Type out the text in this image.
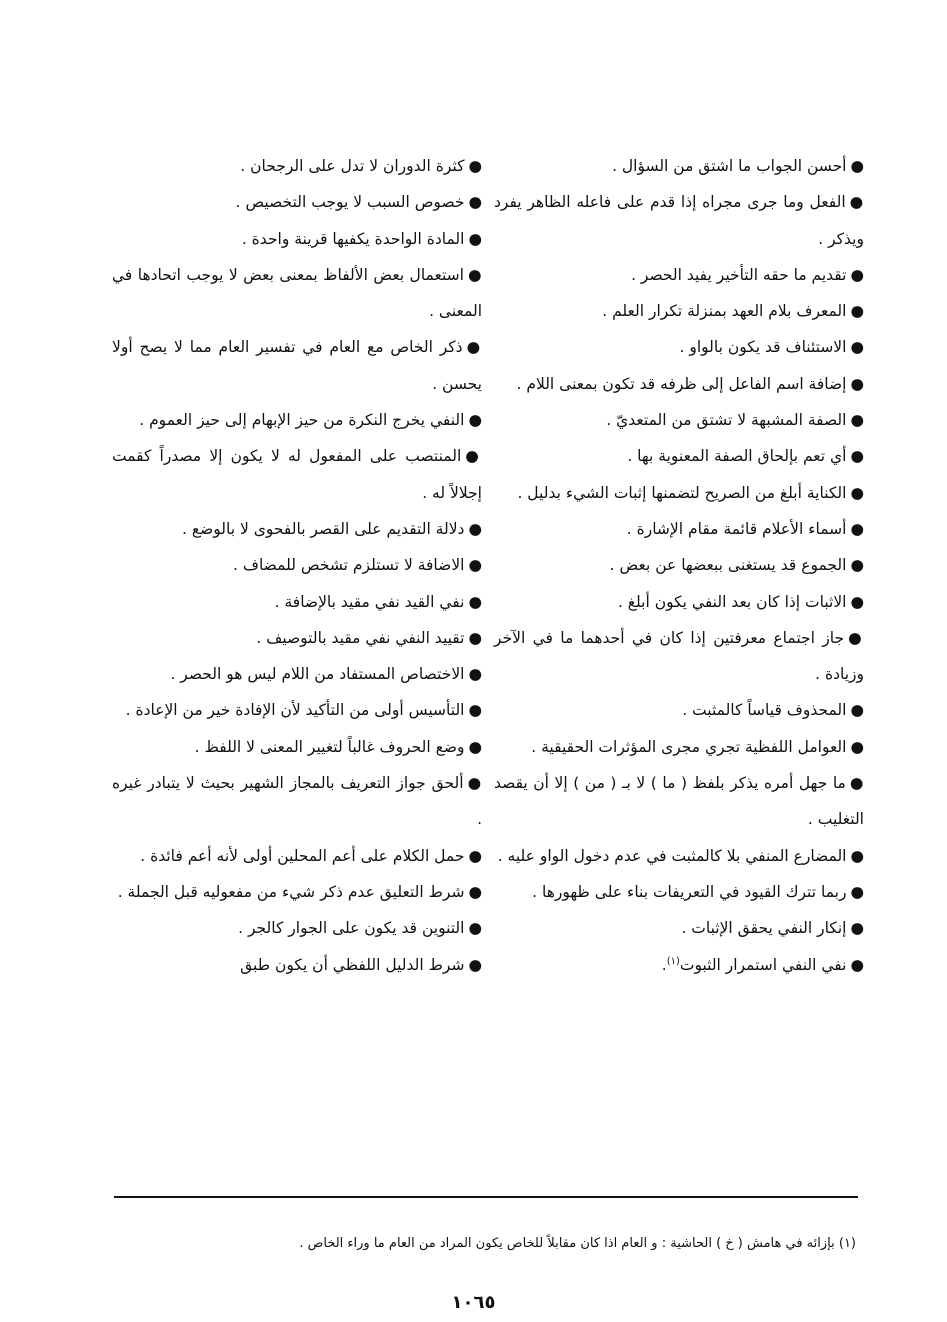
●أحسن الجواب ما اشتق من السؤال .

●الفعل وما جرى مجراه إذا قدم على فاعله الظاهر يفرد ويذكر .

●تقديم ما حقه التأخير يفيد الحصر .

●المعرف بلام العهد بمنزلة تكرار العلم .

●الاستئناف قد يكون بالواو .

●إضافة اسم الفاعل إلى ظرفه قد تكون بمعنى اللام .

●الصفة المشبهة لا تشتق من المتعديّ .

●أي تعم بإلحاق الصفة المعنوية بها .

●الكناية أبلغ من الصريح لتضمنها إثبات الشيء بدليل .

●أسماء الأعلام قائمة مقام الإشارة .

●الجموع قد يستغنى ببعضها عن بعض .

●الاثبات إذا كان بعد النفي يكون أبلغ .

●جاز اجتماع معرفتين إذا كان في أحدهما ما في الآخر وزيادة .

●المحذوف قياساً كالمثبت .

●العوامل اللفظية تجري مجرى المؤثرات الحقيقية .

●ما جهل أمره يذكر بلفظ ( ما ) لا بـ ( من ) إلا أن يقصد التغليب .

●المضارع المنفي بلا كالمثبت في عدم دخول الواو عليه .

●ربما تترك القيود في التعريفات بناء على ظهورها .

●إنكار النفي يحقق الإثبات .

●نفي النفي استمرار الثبوت$^{(١)}$.

●كثرة الدوران لا تدل على الرجحان .

●خصوص السبب لا يوجب التخصيص .

●المادة الواحدة يكفيها قرينة واحدة .

●استعمال بعض الألفاظ بمعنى بعض لا يوجب اتحادها في المعنى .

●ذكر الخاص مع العام في تفسير العام مما لا يصح أولا يحسن .

●النفي يخرج النكرة من حيز الإبهام إلى حيز العموم .

●المنتصب على المفعول له لا يكون إلا مصدراً كقمت إجلالاً له .

●دلالة التقديم على القصر بالفحوى لا بالوضع .

●الاضافة لا تستلزم تشخص للمضاف .

●نفي القيد نفي مقيد بالإضافة .

●تقييد النفي نفي مقيد بالتوصيف .

●الاختصاص المستفاد من اللام ليس هو الحصر .

●التأسيس أولى من التأكيد لأن الإفادة خير من الإعادة .

●وضع الحروف غالباً لتغيير المعنى لا اللفظ .

●ألحق جواز التعريف بالمجاز الشهير بحيث لا يتبادر غيره .

●حمل الكلام على أعم المحلين أولى لأنه أعم فائدة .

●شرط التعليق عدم ذكر شيء من مفعوليه قبل الجملة .

●التنوين قد يكون على الجوار كالجر .

●شرط الدليل اللفظي أن يكون طبق

(١) بإزائه في هامش ( خ ) الحاشية : و العام اذا كان مقابلاً للخاص يكون المراد من العام ما وراء الخاص .
١٠٦٥
